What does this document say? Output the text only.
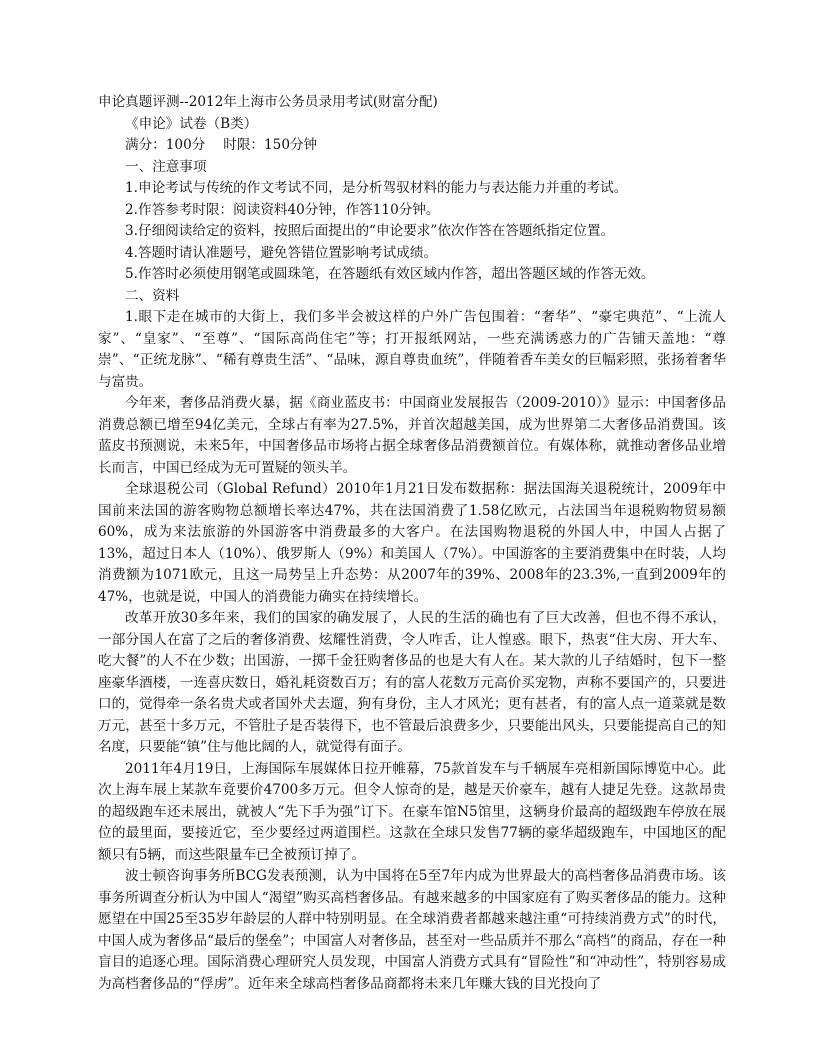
申论真题评测--2012年上海市公务员录用考试(财富分配)

《申论》试卷（B类）

满分：100分　 时限：150分钟

一、注意事项

1.申论考试与传统的作文考试不同，是分析驾驭材料的能力与表达能力并重的考试。

2.作答参考时限：阅读资料40分钟，作答110分钟。

3.仔细阅读给定的资料，按照后面提出的“申论要求”依次作答在答题纸指定位置。

4.答题时请认准题号，避免答错位置影响考试成绩。

5.作答时必须使用钢笔或圆珠笔，在答题纸有效区域内作答，超出答题区域的作答无效。

二、资料

1.眼下走在城市的大街上，我们多半会被这样的户外广告包围着：“奢华”、“豪宅典范”、“上流人家”、“皇家”、“至尊”、“国际高尚住宅”等；打开报纸网站，一些充满诱惑力的广告铺天盖地：“尊崇”、“正统龙脉”、“稀有尊贵生活”、“品味，源自尊贵血统”，伴随着香车美女的巨幅彩照，张扬着奢华与富贵。

今年来，奢侈品消费火暴，据《商业蓝皮书：中国商业发展报告（2009-2010）》显示：中国奢侈品消费总额已增至94亿美元，全球占有率为27.5%，并首次超越美国，成为世界第二大奢侈品消费国。该蓝皮书预测说，未来5年，中国奢侈品市场将占据全球奢侈品消费额首位。有媒体称，就推动奢侈品业增长而言，中国已经成为无可置疑的领头羊。

全球退税公司（Global Refund）2010年1月21日发布数据称：据法国海关退税统计，2009年中国前来法国的游客购物总额增长率达47%，共在法国消费了1.58亿欧元，占法国当年退税购物贸易额60%，成为来法旅游的外国游客中消费最多的大客户。在法国购物退税的外国人中，中国人占据了13%，超过日本人（10%）、俄罗斯人（9%）和美国人（7%）。中国游客的主要消费集中在时装，人均消费额为1071欧元，且这一局势呈上升态势：从2007年的39%、2008年的23.3%,一直到2009年的47%，也就是说，中国人的消费能力确实在持续增长。

改革开放30多年来，我们的国家的确发展了，人民的生活的确也有了巨大改善，但也不得不承认，一部分国人在富了之后的奢侈消费、炫耀性消费，令人咋舌，让人惶惑。眼下，热衷“住大房、开大车、吃大餐”的人不在少数；出国游，一掷千金狂购奢侈品的也是大有人在。某大款的儿子结婚时，包下一整座豪华酒楼，一连喜庆数日，婚礼耗资数百万；有的富人花数万元高价买宠物，声称不要国产的，只要进口的，觉得牵一条名贵犬或者国外犬去遛，狗有身份，主人才风光；更有甚者，有的富人点一道菜就是数万元，甚至十多万元，不管肚子是否装得下，也不管最后浪费多少，只要能出风头，只要能提高自己的知名度，只要能“镇”住与他比阔的人，就觉得有面子。

2011年4月19日，上海国际车展媒体日拉开帷幕，75款首发车与千辆展车亮相新国际博览中心。此次上海车展上某款车竟要价4700多万元。但令人惊奇的是，越是天价豪车，越有人捷足先登。这款昂贵的超级跑车还未展出，就被人“先下手为强”订下。在豪车馆N5馆里，这辆身价最高的超级跑车停放在展位的最里面，要接近它，至少要经过两道围栏。这款在全球只发售77辆的豪华超级跑车，中国地区的配额只有5辆，而这些限量车已全被预订掉了。

波士顿咨询事务所BCG发表预测，认为中国将在5至7年内成为世界最大的高档奢侈品消费市场。该事务所调查分析认为中国人“渴望”购买高档奢侈品。有越来越多的中国家庭有了购买奢侈品的能力。这种愿望在中国25至35岁年龄层的人群中特别明显。在全球消费者都越来越注重“可持续消费方式”的时代，中国人成为奢侈品“最后的堡垒”；中国富人对奢侈品，甚至对一些品质并不那么“高档”的商品，存在一种盲目的追逐心理。国际消费心理研究人员发现，中国富人消费方式具有“冒险性”和“冲动性”，特别容易成为高档奢侈品的“俘虏”。近年来全球高档奢侈品商都将未来几年赚大钱的目光投向了
